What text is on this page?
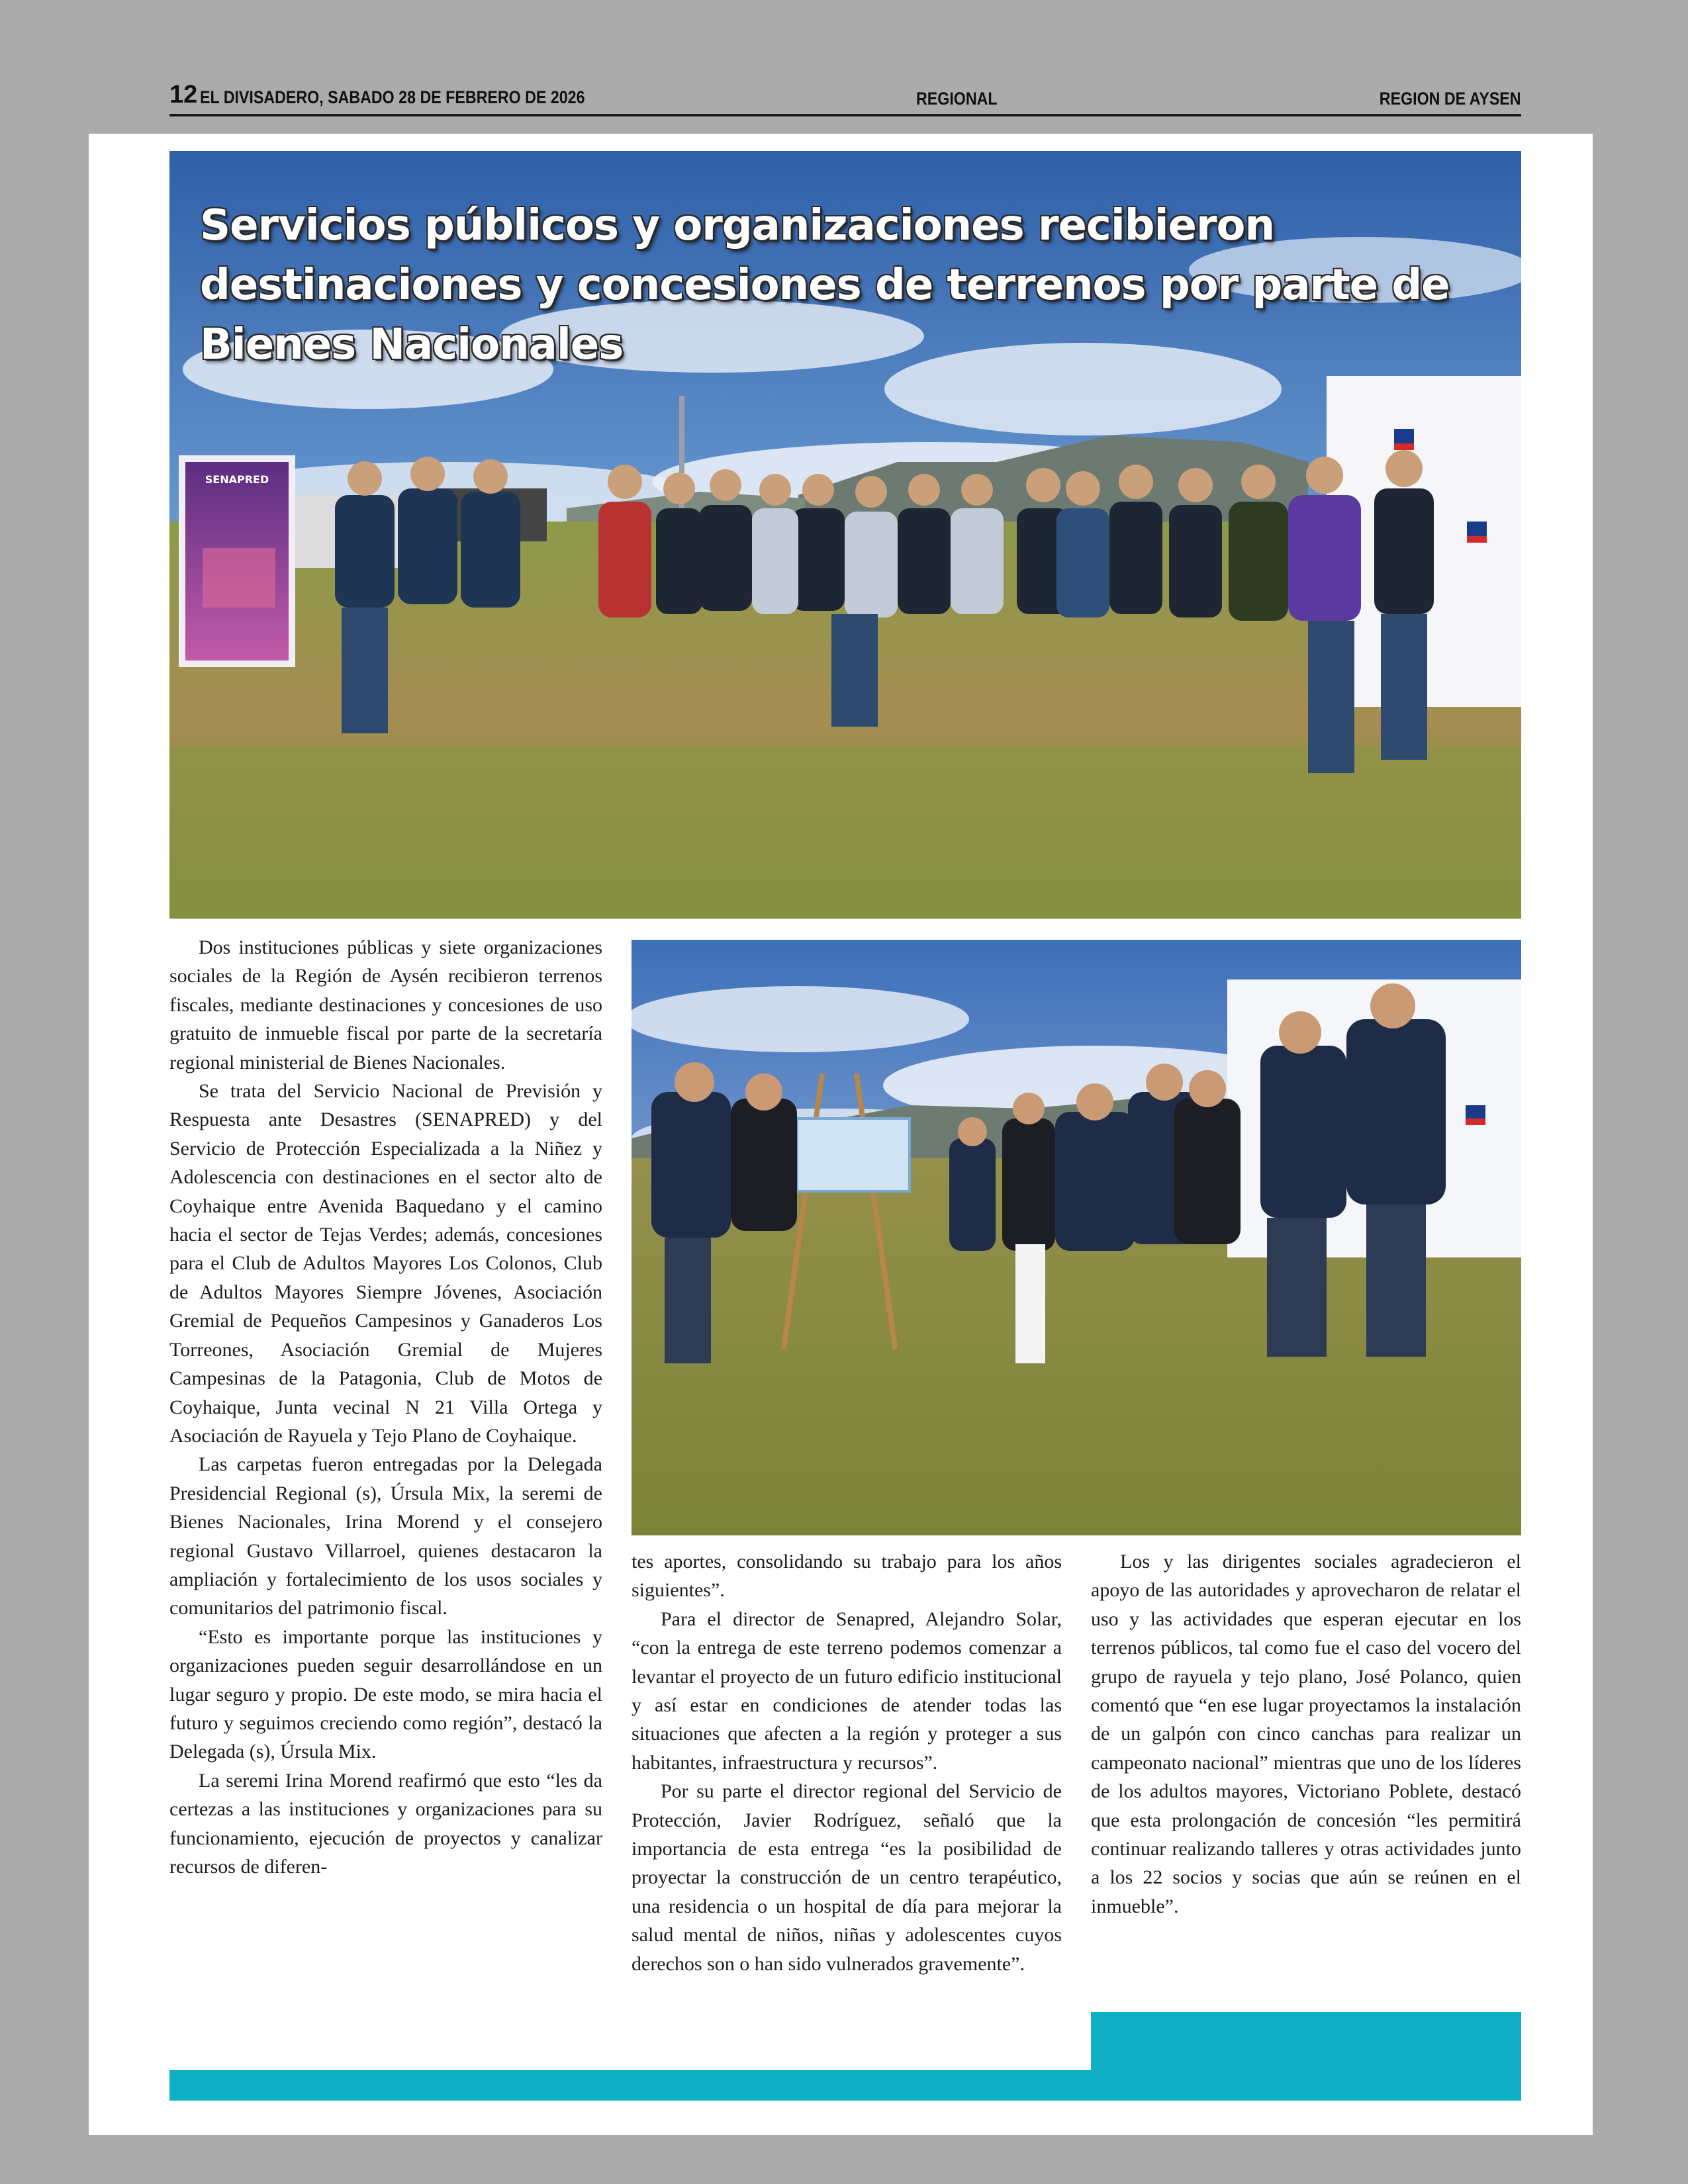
12 EL DIVISADERO, SABADO 28 DE FEBRERO DE 2026	REGIONAL	REGION DE AYSEN
SENAPRED
Servicios públicos y organizaciones recibieron destinaciones y concesiones de terrenos por parte de Bienes Nacionales

Dos instituciones públicas y siete organizaciones sociales de la Región de Aysén recibieron terrenos fiscales, mediante destinaciones y concesiones de uso gratuito de inmueble fiscal por parte de la secretaría regional ministerial de Bienes Nacionales.

Se trata del Servicio Nacional de Previsión y Respuesta ante Desastres (SENAPRED) y del Servicio de Protección Especializada a la Niñez y Adolescencia con destinaciones en el sector alto de Coyhaique entre Avenida Baquedano y el camino hacia el sector de Tejas Verdes; además, concesiones para el Club de Adultos Mayores Los Colonos, Club de Adultos Mayores Siempre Jóvenes, Asociación Gremial de Pequeños Campesinos y Ganaderos Los Torreones, Asociación Gremial de Mujeres Campesinas de la Patagonia, Club de Motos de Coyhaique, Junta vecinal N 21 Villa Ortega y Asociación de Rayuela y Tejo Plano de Coyhaique.

Las carpetas fueron entregadas por la Delegada Presidencial Regional (s), Úrsula Mix, la seremi de Bienes Nacionales, Irina Morend y el consejero regional Gustavo Villarroel, quienes destacaron la ampliación y fortalecimiento de los usos sociales y comunitarios del patrimonio fiscal.

“Esto es importante porque las instituciones y organizaciones pueden seguir desarrollándose en un lugar seguro y propio. De este modo, se mira hacia el futuro y seguimos creciendo como región”, destacó la Delegada (s), Úrsula Mix.

La seremi Irina Morend reafirmó que esto “les da certezas a las instituciones y organizaciones para su funcionamiento, ejecución de proyectos y canalizar recursos de diferen-

tes aportes, consolidando su trabajo para los años siguientes”.

Para el director de Senapred, Alejandro Solar, “con la entrega de este terreno podemos comenzar a levantar el proyecto de un futuro edificio institucional y así estar en condiciones de atender todas las situaciones que afecten a la región y proteger a sus habitantes, infraestructura y recursos”.

Por su parte el director regional del Servicio de Protección, Javier Rodríguez, señaló que la importancia de esta entrega “es la posibilidad de proyectar la construcción de un centro terapéutico, una residencia o un hospital de día para mejorar la salud mental de niños, niñas y adolescentes cuyos derechos son o han sido vulnerados gravemente”.

Los y las dirigentes sociales agradecieron el apoyo de las autoridades y aprovecharon de relatar el uso y las actividades que esperan ejecutar en los terrenos públicos, tal como fue el caso del vocero del grupo de rayuela y tejo plano, José Polanco, quien comentó que “en ese lugar proyectamos la instalación de un galpón con cinco canchas para realizar un campeonato nacional” mientras que uno de los líderes de los adultos mayores, Victoriano Poblete, destacó que esta prolongación de concesión “les permitirá continuar realizando talleres y otras actividades junto a los 22 socios y socias que aún se reúnen en el inmueble”.
